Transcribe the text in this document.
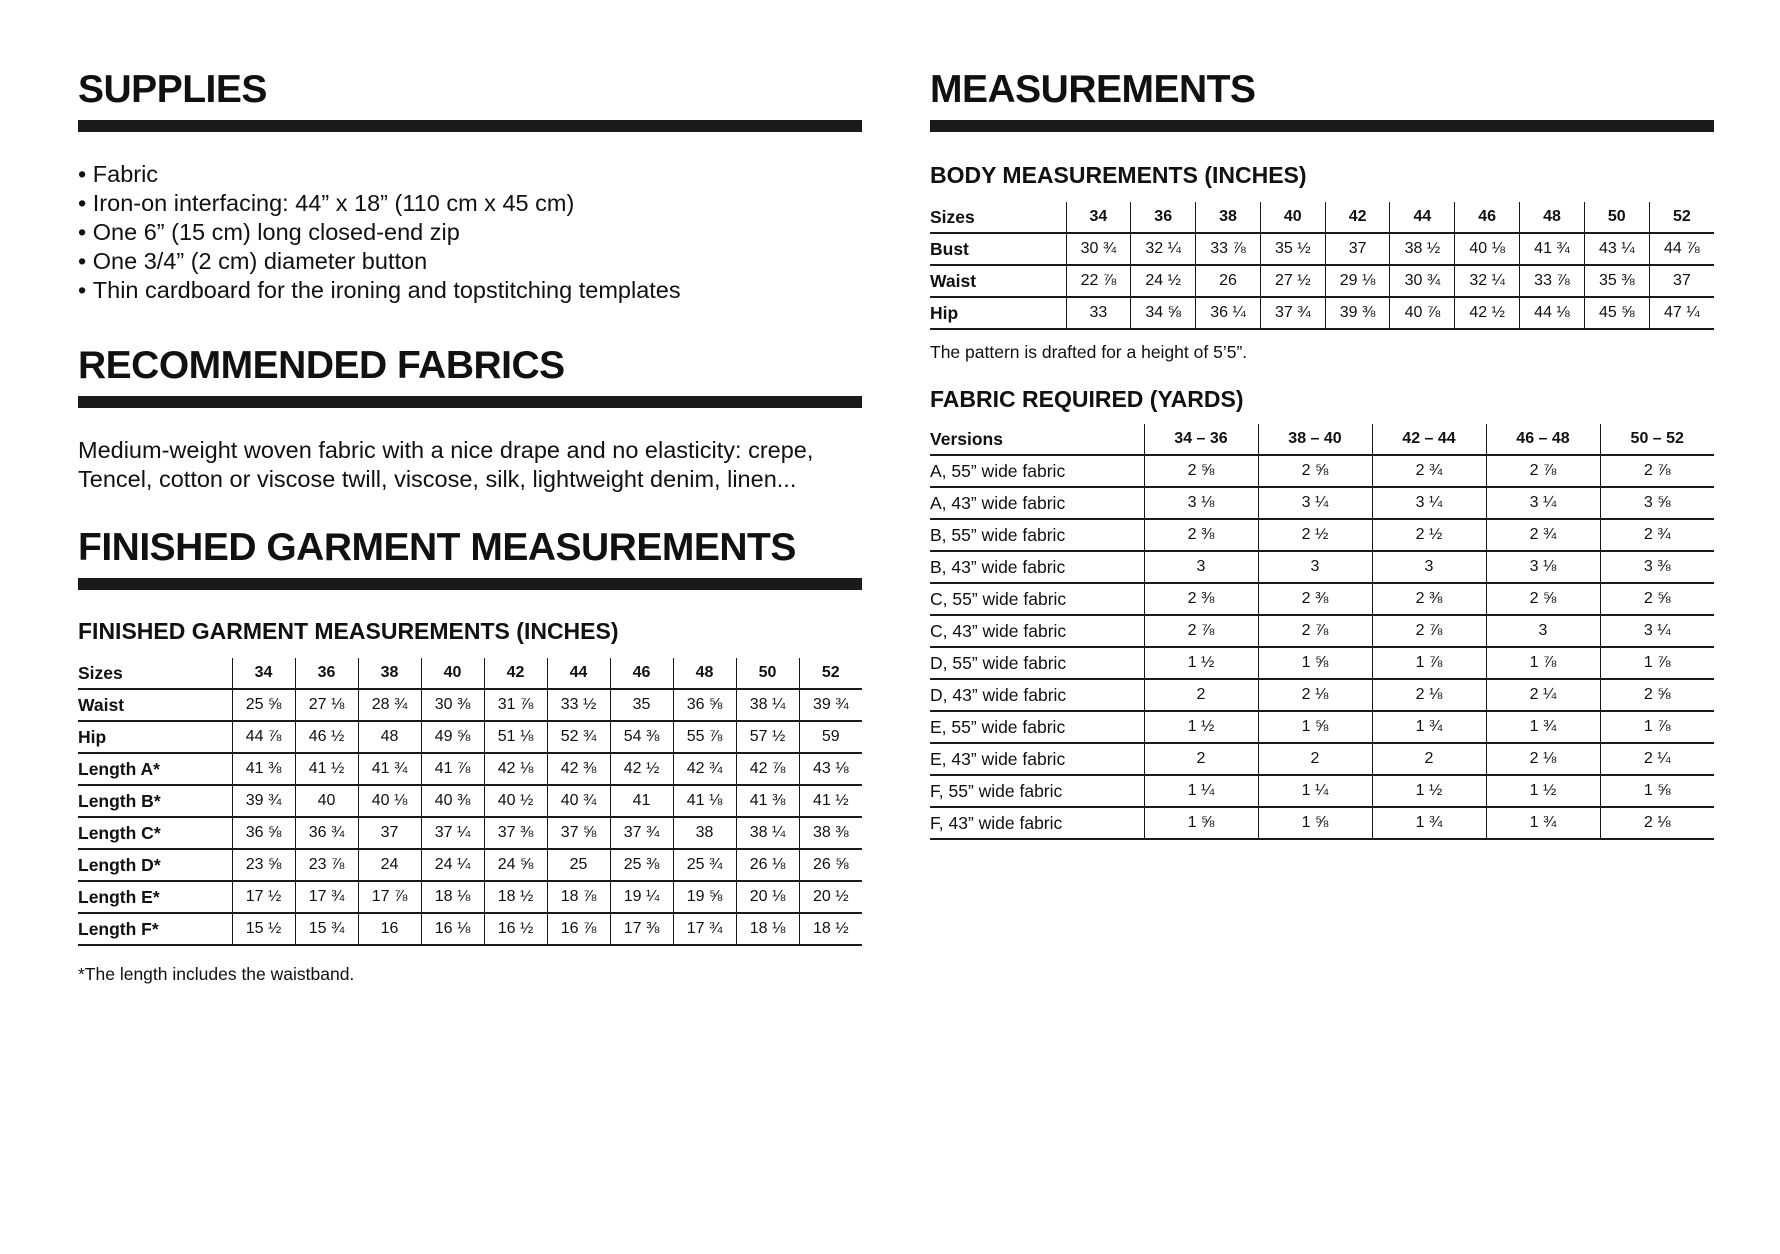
SUPPLIES
• Fabric
• Iron-on interfacing: 44” x 18” (110 cm x 45 cm)
• One 6” (15 cm) long closed-end zip
• One 3/4” (2 cm) diameter button
• Thin cardboard for the ironing and topstitching templates
RECOMMENDED FABRICS

Medium-weight woven fabric with a nice drape and no elasticity: crepe, Tencel, cotton or viscose twill, viscose, silk, lightweight denim, linen...

FINISHED GARMENT MEASUREMENTS
FINISHED GARMENT MEASUREMENTS (INCHES)
Sizes	34	36	38	40	42	44	46	48	50	52
Waist	25 ⅝	27 ⅛	28 ¾	30 ⅜	31 ⅞	33 ½	35	36 ⅝	38 ¼	39 ¾
Hip	44 ⅞	46 ½	48	49 ⅝	51 ⅛	52 ¾	54 ⅜	55 ⅞	57 ½	59
Length A*	41 ⅜	41 ½	41 ¾	41 ⅞	42 ⅛	42 ⅜	42 ½	42 ¾	42 ⅞	43 ⅛
Length B*	39 ¾	40	40 ⅛	40 ⅜	40 ½	40 ¾	41	41 ⅛	41 ⅜	41 ½
Length C*	36 ⅝	36 ¾	37	37 ¼	37 ⅜	37 ⅝	37 ¾	38	38 ¼	38 ⅜
Length D*	23 ⅝	23 ⅞	24	24 ¼	24 ⅝	25	25 ⅜	25 ¾	26 ⅛	26 ⅝
Length E*	17 ½	17 ¾	17 ⅞	18 ⅛	18 ½	18 ⅞	19 ¼	19 ⅝	20 ⅛	20 ½
Length F*	15 ½	15 ¾	16	16 ⅛	16 ½	16 ⅞	17 ⅜	17 ¾	18 ⅛	18 ½

*The length includes the waistband.

MEASUREMENTS
BODY MEASUREMENTS (INCHES)
Sizes	34	36	38	40	42	44	46	48	50	52
Bust	30 ¾	32 ¼	33 ⅞	35 ½	37	38 ½	40 ⅛	41 ¾	43 ¼	44 ⅞
Waist	22 ⅞	24 ½	26	27 ½	29 ⅛	30 ¾	32 ¼	33 ⅞	35 ⅜	37
Hip	33	34 ⅝	36 ¼	37 ¾	39 ⅜	40 ⅞	42 ½	44 ⅛	45 ⅝	47 ¼

The pattern is drafted for a height of 5’5”.

FABRIC REQUIRED (YARDS)
Versions	34 – 36	38 – 40	42 – 44	46 – 48	50 – 52
A, 55” wide fabric	2 ⅝	2 ⅝	2 ¾	2 ⅞	2 ⅞
A, 43” wide fabric	3 ⅛	3 ¼	3 ¼	3 ¼	3 ⅝
B, 55” wide fabric	2 ⅜	2 ½	2 ½	2 ¾	2 ¾
B, 43” wide fabric	3	3	3	3 ⅛	3 ⅜
C, 55” wide fabric	2 ⅜	2 ⅜	2 ⅜	2 ⅝	2 ⅝
C, 43” wide fabric	2 ⅞	2 ⅞	2 ⅞	3	3 ¼
D, 55” wide fabric	1 ½	1 ⅝	1 ⅞	1 ⅞	1 ⅞
D, 43” wide fabric	2	2 ⅛	2 ⅛	2 ¼	2 ⅝
E, 55” wide fabric	1 ½	1 ⅝	1 ¾	1 ¾	1 ⅞
E, 43” wide fabric	2	2	2	2 ⅛	2 ¼
F, 55” wide fabric	1 ¼	1 ¼	1 ½	1 ½	1 ⅝
F, 43” wide fabric	1 ⅝	1 ⅝	1 ¾	1 ¾	2 ⅛
